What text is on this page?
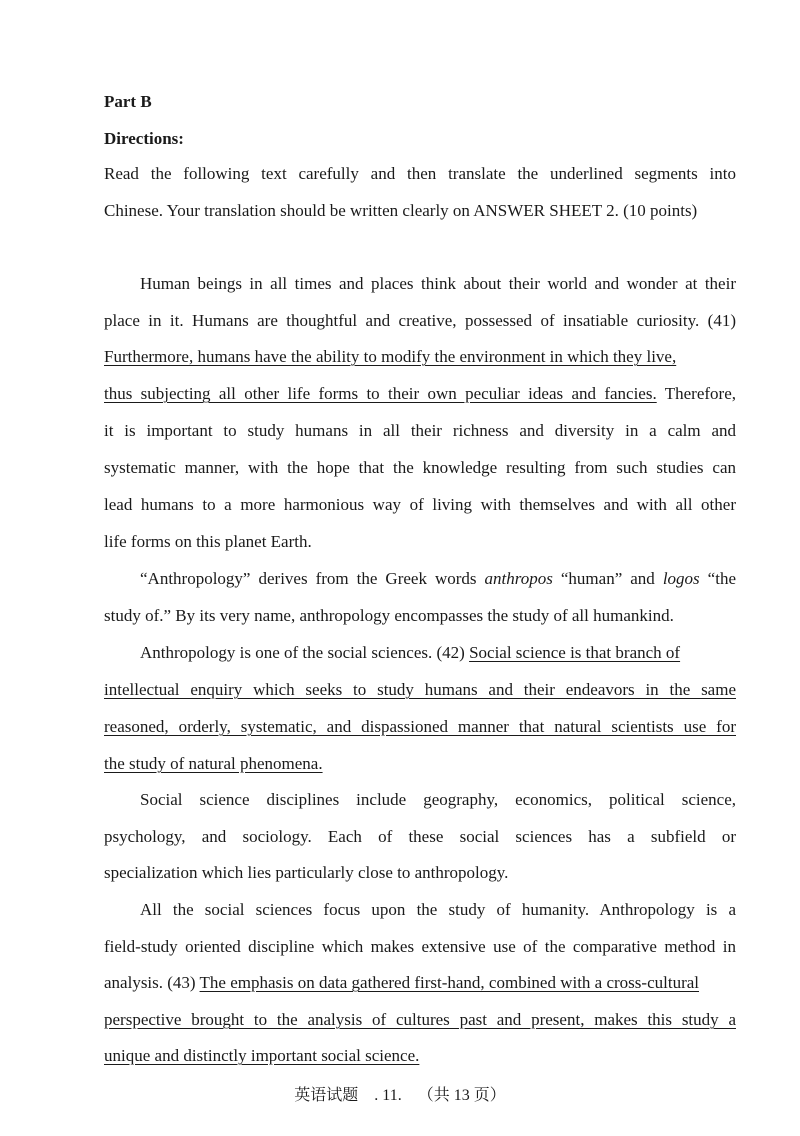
Part B

Directions:

Read the following text carefully and then translate the underlined segments into

Chinese. Your translation should be written clearly on ANSWER SHEET 2. (10 points)

Human beings in all times and places think about their world and wonder at their

place in it. Humans are thoughtful and creative, possessed of insatiable curiosity. (41)

Furthermore, humans have the ability to modify the environment in which they live,

thus subjecting all other life forms to their own peculiar ideas and fancies. Therefore,

it is important to study humans in all their richness and diversity in a calm and

systematic manner, with the hope that the knowledge resulting from such studies can

lead humans to a more harmonious way of living with themselves and with all other

life forms on this planet Earth.

“Anthropology” derives from the Greek words anthropos “human” and logos “the

study of.” By its very name, anthropology encompasses the study of all humankind.

Anthropology is one of the social sciences. (42) Social science is that branch of

intellectual enquiry which seeks to study humans and their endeavors in the same

reasoned, orderly, systematic, and dispassioned manner that natural scientists use for

the study of natural phenomena.

Social science disciplines include geography, economics, political science,

psychology, and sociology. Each of these social sciences has a subfield or

specialization which lies particularly close to anthropology.

All the social sciences focus upon the study of humanity. Anthropology is a

field-study oriented discipline which makes extensive use of the comparative method in

analysis. (43) The emphasis on data gathered first-hand, combined with a cross-cultural

perspective brought to the analysis of cultures past and present, makes this study a

unique and distinctly important social science.

英语试题 . 11. （共 13 页）
